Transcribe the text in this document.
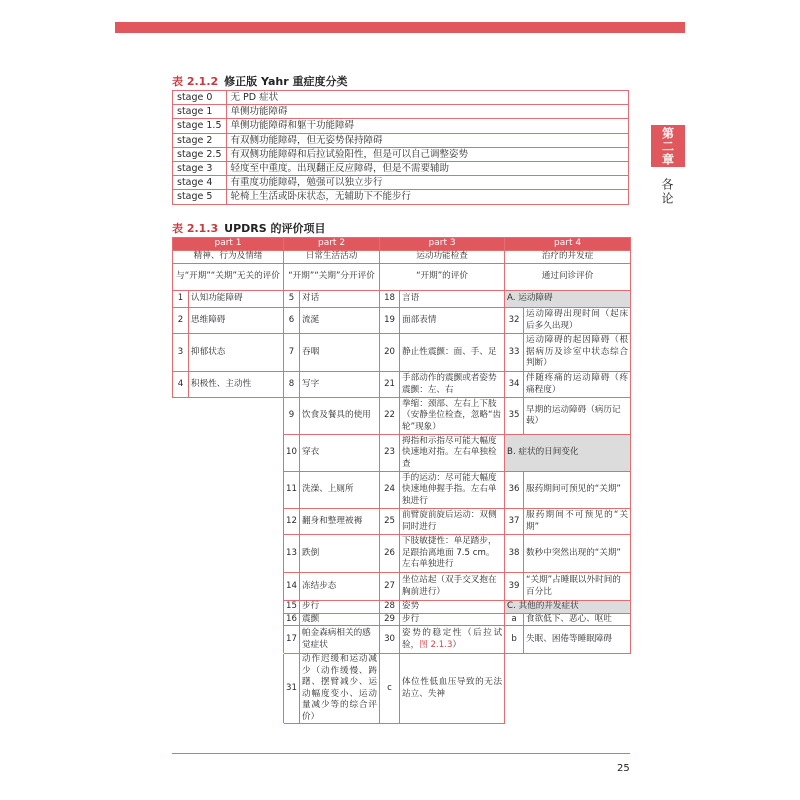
表 2.1.2 修正版 Yahr 重症度分类
stage 0	无 PD 症状
stage 1	单侧功能障碍
stage 1.5	单侧功能障碍和躯干功能障碍
stage 2	有双侧功能障碍，但无姿势保持障碍
stage 2.5	有双侧功能障碍和后拉试验阳性，但是可以自己调整姿势
stage 3	轻度至中重度。出现翻正反应障碍，但是不需要辅助
stage 4	有重度功能障碍，勉强可以独立步行
stage 5	轮椅上生活或卧床状态，无辅助下不能步行
表 2.1.3 UPDRS 的评价项目
part 1		part 2		part 3		part 4	
精神、行为及情绪		日常生活活动		运动功能检查		治疗的并发症	
与“开期”“关期”无关的评价		“开期”“关期”分开评价		“开期”的评价		通过问诊评价	
1	认知功能障碍	5	对话	18	言语	A. 运动障碍	
2	思维障碍	6	流涎	19	面部表情	32	运动障碍出现时间（起床后多久出现）
3	抑郁状态	7	吞咽	20	静止性震颤：面、手、足	33	运动障碍的起因障碍（根据病历及诊室中状态综合判断）
4	积极性、主动性	8	写字	21	手部动作的震颤或者姿势震颤：左、右	34	伴随疼痛的运动障碍（疼痛程度）
		9	饮食及餐具的使用	22	拳缩：颈部、左右上下肢（安静坐位检查，忽略“齿轮”现象）	35	早期的运动障碍（病历记载）
		10	穿衣	23	拇指和示指尽可能大幅度快速地对指。左右单独检查	B. 症状的日间变化	
		11	洗澡、上厕所	24	手的运动：尽可能大幅度快速地伸握手指。左右单独进行	36	服药期间可预见的“关期”
		12	翻身和整理被褥	25	前臂旋前旋后运动：双侧同时进行	37	服药期间不可预见的“关期”
		13	跌倒	26	下肢敏捷性：单足踏步，足跟抬离地面 7.5 cm。左右单独进行	38	数秒中突然出现的“关期”
		14	冻结步态	27	坐位站起（双手交叉抱在胸前进行）	39	“关期”占睡眠以外时间的百分比
		15	步行	28	姿势	C. 其他的并发症状	
		16	震颤	29	步行	a	食欲低下、恶心、呕吐
		17	帕金森病相关的感觉症状	30	姿势的稳定性（后拉试验，图 2.1.3）	b	失眠、困倦等睡眠障碍
		31	动作迟缓和运动减少（动作缓慢、踌躇、摆臂减少、运动幅度变小、运动量减少等的综合评价）	c	体位性低血压导致的无法站立、失神		
第二章
各论
25
